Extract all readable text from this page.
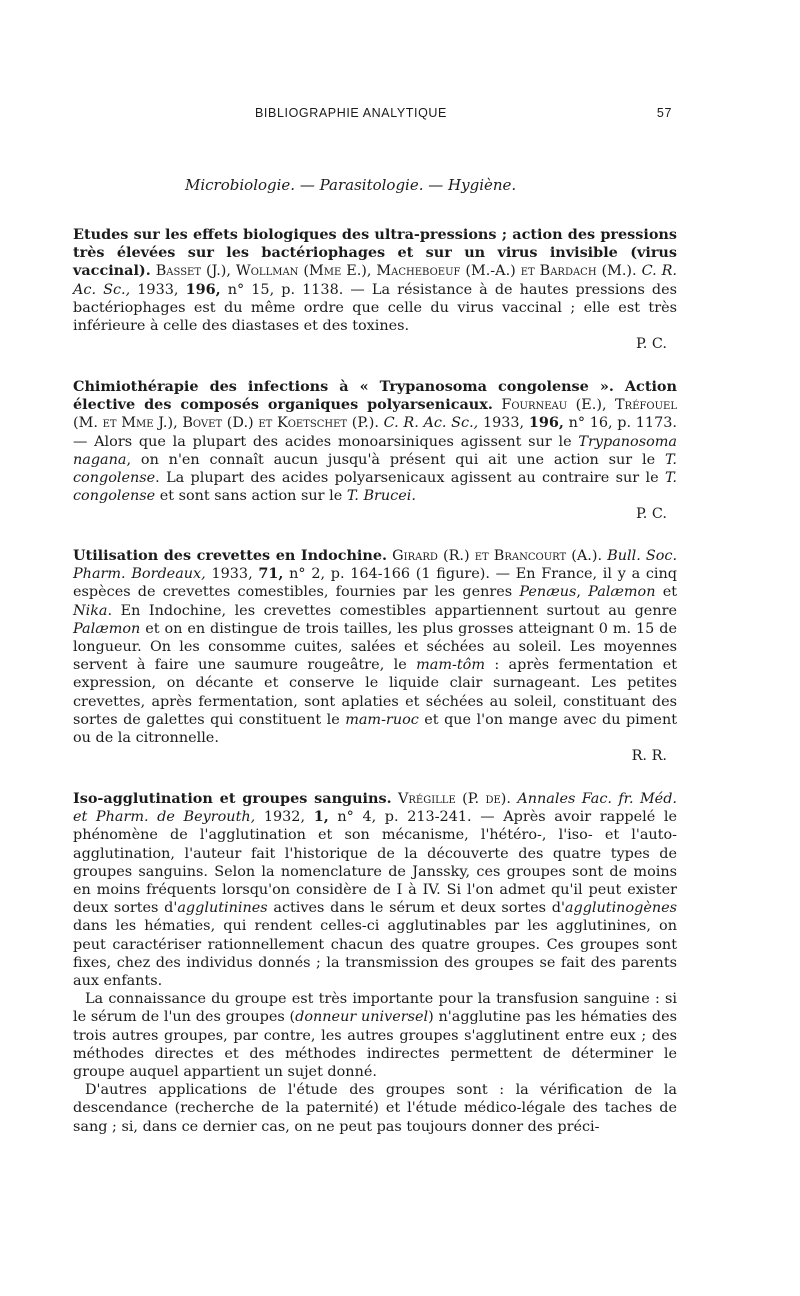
BIBLIOGRAPHIE ANALYTIQUE	57
Microbiologie. — Parasitologie. — Hygiène.

Etudes sur les effets biologiques des ultra-pressions ; action des pressions très élevées sur les bactériophages et sur un virus invisible (virus vaccinal). Basset (J.), Wollman (Mme E.), Macheboeuf (M.-A.) et Bardach (M.). C. R. Ac. Sc., 1933, 196, n° 15, p. 1138. — La résistance à de hautes pressions des bactériophages est du même ordre que celle du virus vaccinal ; elle est très inférieure à celle des diastases et des toxines.

P. C.

Chimiothérapie des infections à « Trypanosoma congolense ». Action élective des composés organiques polyarsenicaux. Fourneau (E.), Tréfouel (M. et Mme J.), Bovet (D.) et Koetschet (P.). C. R. Ac. Sc., 1933, 196, n° 16, p. 1173. — Alors que la plupart des acides monoarsiniques agissent sur le Trypanosoma nagana, on n'en connaît aucun jusqu'à présent qui ait une action sur le T. congolense. La plupart des acides polyarsenicaux agissent au contraire sur le T. congolense et sont sans action sur le T. Brucei.

P. C.

Utilisation des crevettes en Indochine. Girard (R.) et Brancourt (A.). Bull. Soc. Pharm. Bordeaux, 1933, 71, n° 2, p. 164-166 (1 figure). — En France, il y a cinq espèces de crevettes comestibles, fournies par les genres Penæus, Palæmon et Nika. En Indochine, les crevettes comestibles appartiennent surtout au genre Palæmon et on en distingue de trois tailles, les plus grosses atteignant 0 m. 15 de longueur. On les consomme cuites, salées et séchées au soleil. Les moyennes servent à faire une saumure rougeâtre, le mam-tôm : après fermentation et expression, on décante et conserve le liquide clair surnageant. Les petites crevettes, après fermentation, sont aplaties et séchées au soleil, constituant des sortes de galettes qui constituent le mam-ruoc et que l'on mange avec du piment ou de la citronnelle.

R. R.

Iso-agglutination et groupes sanguins. Vrégille (P. de). Annales Fac. fr. Méd. et Pharm. de Beyrouth, 1932, 1, n° 4, p. 213-241. — Après avoir rappelé le phénomène de l'agglutination et son mécanisme, l'hétéro-, l'iso- et l'auto-agglutination, l'auteur fait l'historique de la découverte des quatre types de groupes sanguins. Selon la nomenclature de Janssky, ces groupes sont de moins en moins fréquents lorsqu'on considère de I à IV. Si l'on admet qu'il peut exister deux sortes d'agglutinines actives dans le sérum et deux sortes d'agglutinogènes dans les hématies, qui rendent celles-ci agglutinables par les agglutinines, on peut caractériser rationnellement chacun des quatre groupes. Ces groupes sont fixes, chez des individus donnés ; la transmission des groupes se fait des parents aux enfants.

La connaissance du groupe est très importante pour la transfusion sanguine : si le sérum de l'un des groupes (donneur universel) n'agglutine pas les hématies des trois autres groupes, par contre, les autres groupes s'agglutinent entre eux ; des méthodes directes et des méthodes indirectes permettent de déterminer le groupe auquel appartient un sujet donné.

D'autres applications de l'étude des groupes sont : la vérification de la descendance (recherche de la paternité) et l'étude médico-légale des taches de sang ; si, dans ce dernier cas, on ne peut pas toujours donner des préci-
